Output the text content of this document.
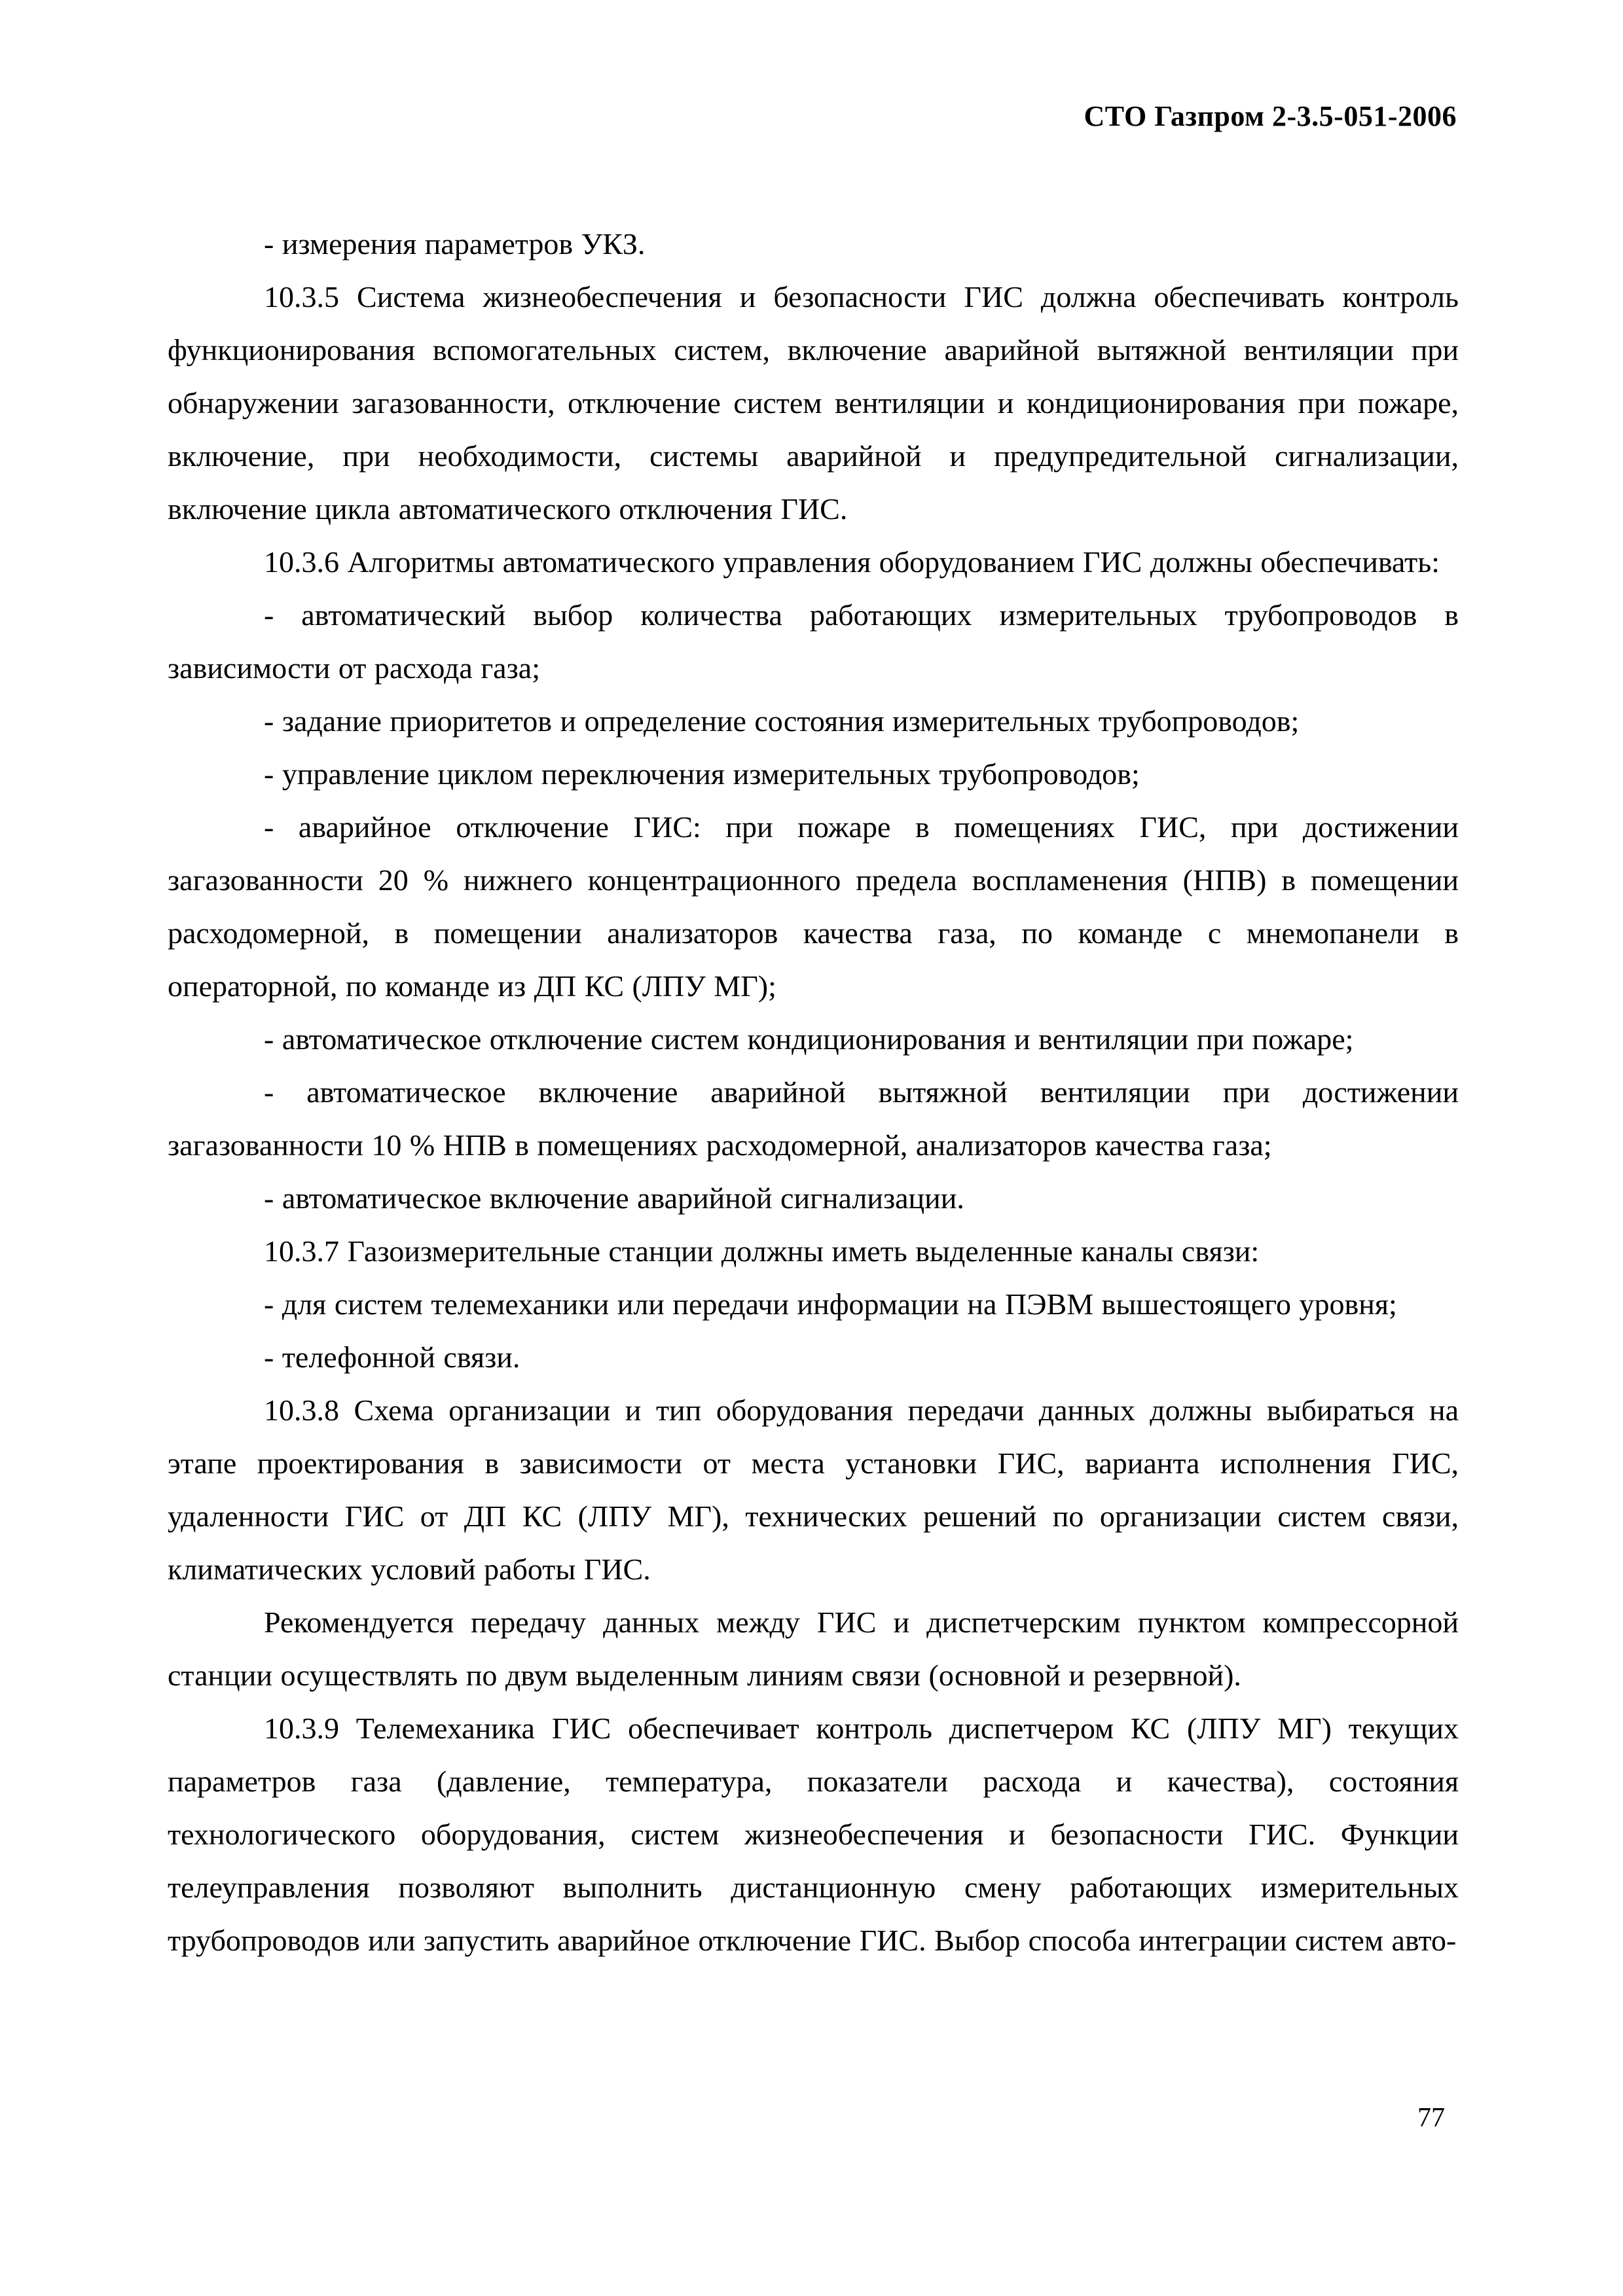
СТО Газпром 2-3.5-051-2006

- измерения параметров УКЗ.

10.3.5 Система жизнеобеспечения и безопасности ГИС должна обеспечивать контроль функционирования вспомогательных систем, включение аварийной вытяжной вентиляции при обнаружении загазованности, отключение систем вентиляции и кондиционирования при пожаре, включение, при необходимости, системы аварийной и предупредительной сигнализации, включение цикла автоматического отключения ГИС.

10.3.6 Алгоритмы автоматического управления оборудованием ГИС должны обеспечивать:

- автоматический выбор количества работающих измерительных трубопроводов в зависимости от расхода газа;

- задание приоритетов и определение состояния измерительных трубопроводов;

- управление циклом переключения измерительных трубопроводов;

- аварийное отключение ГИС: при пожаре в помещениях ГИС, при достижении загазованности 20 % нижнего концентрационного предела воспламенения (НПВ) в помещении расходомерной, в помещении анализаторов качества газа, по команде с мнемопанели в операторной, по команде из ДП КС (ЛПУ МГ);

- автоматическое отключение систем кондиционирования и вентиляции при пожаре;

- автоматическое включение аварийной вытяжной вентиляции при достижении загазованности 10 % НПВ в помещениях расходомерной, анализаторов качества газа;

- автоматическое включение аварийной сигнализации.

10.3.7 Газоизмерительные станции должны иметь выделенные каналы связи:

- для систем телемеханики или передачи информации на ПЭВМ вышестоящего уровня;

- телефонной связи.

10.3.8 Схема организации и тип оборудования передачи данных должны выбираться на этапе проектирования в зависимости от места установки ГИС, варианта исполнения ГИС, удаленности ГИС от ДП КС (ЛПУ МГ), технических решений по организации систем связи, климатических условий работы ГИС.

Рекомендуется передачу данных между ГИС и диспетчерским пунктом компрессорной станции осуществлять по двум выделенным линиям связи (основной и резервной).

10.3.9 Телемеханика ГИС обеспечивает контроль диспетчером КС (ЛПУ МГ) текущих параметров газа (давление, температура, показатели расхода и качества), состояния технологического оборудования, систем жизнеобеспечения и безопасности ГИС. Функции телеуправления позволяют выполнить дистанционную смену работающих измерительных трубопроводов или запустить аварийное отключение ГИС. Выбор способа интеграции систем авто-

77
